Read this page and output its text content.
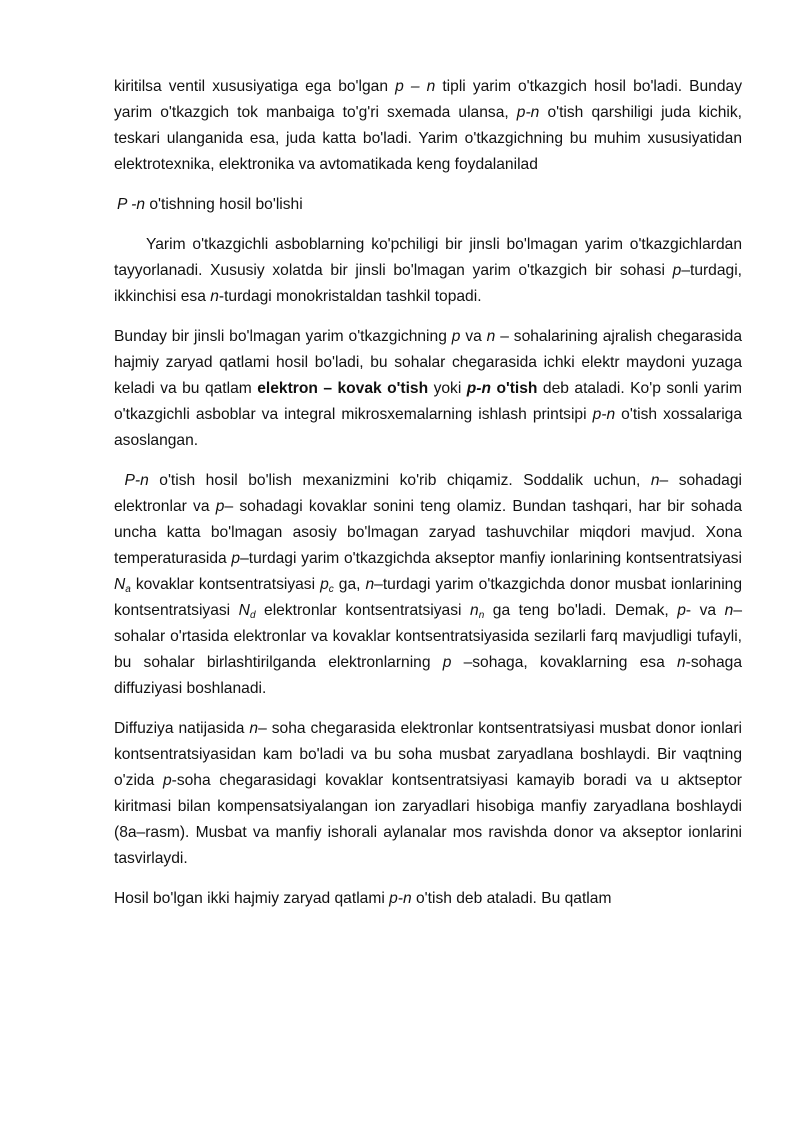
kiritilsa ventil xususiyatiga ega bo'lgan p – n tipli yarim o'tkazgich hosil bo'ladi. Bunday yarim o'tkazgich tok manbaiga to'g'ri sxemada ulansa, p-n o'tish qarshiligi juda kichik, teskari ulanganida esa, juda katta bo'ladi. Yarim o'tkazgichning bu muhim xususiyatidan elektrotexnika, elektronika va avtomatikada keng foydalanilad

P -n o'tishning hosil bo'lishi

Yarim o'tkazgichli asboblarning ko'pchiligi bir jinsli bo'lmagan yarim o'tkazgichlardan tayyorlanadi. Xususiy xolatda bir jinsli bo'lmagan yarim o'tkazgich bir sohasi p–turdagi, ikkinchisi esa n-turdagi monokristaldan tashkil topadi.

Bunday bir jinsli bo'lmagan yarim o'tkazgichning p va n – sohalarining ajralish chegarasida hajmiy zaryad qatlami hosil bo'ladi, bu sohalar chegarasida ichki elektr maydoni yuzaga keladi va bu qatlam elektron – kovak o'tish yoki p-n o'tish deb ataladi. Ko'p sonli yarim o'tkazgichli asboblar va integral mikrosxemalarning ishlash printsipi p-n o'tish xossalariga asoslangan.

P-n o'tish hosil bo'lish mexanizmini ko'rib chiqamiz. Soddalik uchun, n– sohadagi elektronlar va p– sohadagi kovaklar sonini teng olamiz. Bundan tashqari, har bir sohada uncha katta bo'lmagan asosiy bo'lmagan zaryad tashuvchilar miqdori mavjud. Xona temperaturasida p–turdagi yarim o'tkazgichda akseptor manfiy ionlarining kontsentratsiyasi $N_a$ kovaklar kontsentratsiyasi $p_c$ ga, n–turdagi yarim o'tkazgichda donor musbat ionlarining kontsentratsiyasi $N_d$ elektronlar kontsentratsiyasi $n_n$ ga teng bo'ladi. Demak, p- va n–sohalar o'rtasida elektronlar va kovaklar kontsentratsiyasida sezilarli farq mavjudligi tufayli, bu sohalar birlashtirilganda elektronlarning p –sohaga, kovaklarning esa n-sohaga diffuziyasi boshlanadi.

Diffuziya natijasida n– soha chegarasida elektronlar kontsentratsiyasi musbat donor ionlari kontsentratsiyasidan kam bo'ladi va bu soha musbat zaryadlana boshlaydi. Bir vaqtning o'zida p-soha chegarasidagi kovaklar kontsentratsiyasi kamayib boradi va u aktseptor kiritmasi bilan kompensatsiyalangan ion zaryadlari hisobiga manfiy zaryadlana boshlaydi (8a–rasm). Musbat va manfiy ishorali aylanalar mos ravishda donor va akseptor ionlarini tasvirlaydi.

Hosil bo'lgan ikki hajmiy zaryad qatlami p-n o'tish deb ataladi. Bu qatlam
